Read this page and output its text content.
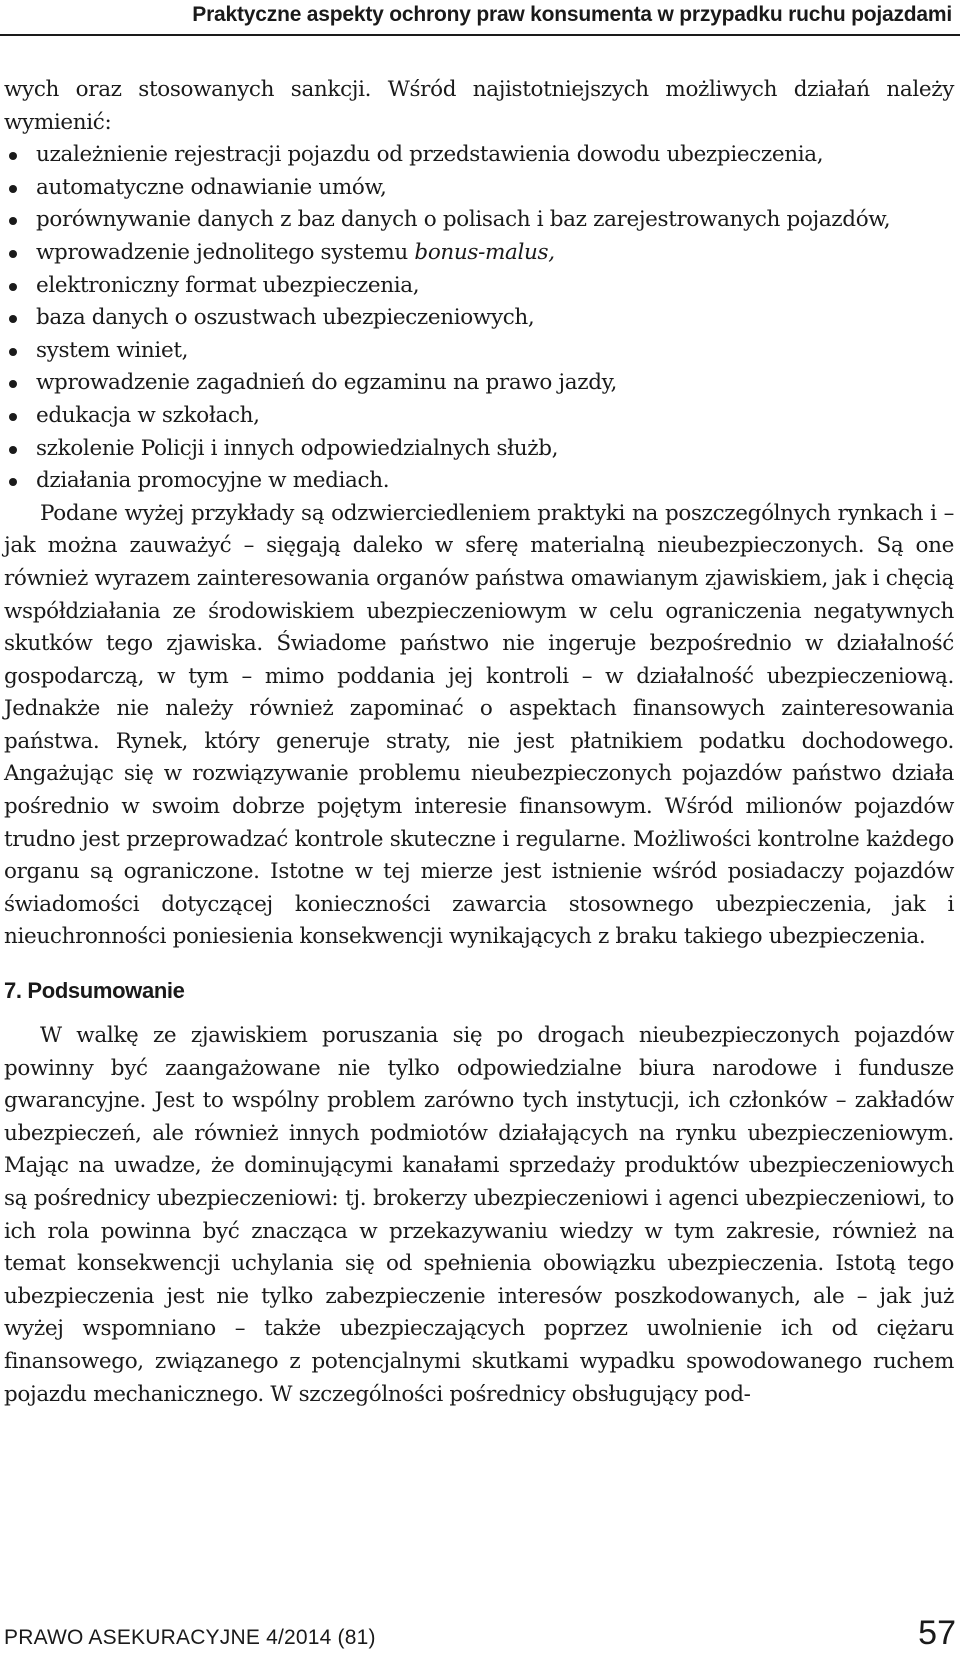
Praktyczne aspekty ochrony praw konsumenta w przypadku ruchu pojazdami

wych oraz stosowanych sankcji. Wśród najistotniejszych możliwych działań należy wymienić:

uzależnienie rejestracji pojazdu od przedstawienia dowodu ubezpieczenia,
automatyczne odnawianie umów,
porównywanie danych z baz danych o polisach i baz zarejestrowanych pojazdów,
wprowadzenie jednolitego systemu bonus-malus,
elektroniczny format ubezpieczenia,
baza danych o oszustwach ubezpieczeniowych,
system winiet,
wprowadzenie zagadnień do egzaminu na prawo jazdy,
edukacja w szkołach,
szkolenie Policji i innych odpowiedzialnych służb,
działania promocyjne w mediach.

Podane wyżej przykłady są odzwierciedleniem praktyki na poszczególnych rynkach i – jak można zauważyć – sięgają daleko w sferę materialną nieubezpieczonych. Są one również wyrazem zainteresowania organów państwa omawianym zjawiskiem, jak i chęcią współdziałania ze środowiskiem ubezpieczeniowym w celu ograniczenia negatywnych skutków tego zjawiska. Świadome państwo nie ingeruje bezpośrednio w działalność gospodarczą, w tym – mimo poddania jej kontroli – w działalność ubezpieczeniową. Jednakże nie należy również zapominać o aspektach finansowych zainteresowania państwa. Rynek, który generuje straty, nie jest płatnikiem podatku dochodowego. Angażując się w rozwiązywanie problemu nieubezpieczonych pojazdów państwo działa pośrednio w swoim dobrze pojętym interesie finansowym. Wśród milionów pojazdów trudno jest przeprowadzać kontrole skuteczne i regularne. Możliwości kontrolne każdego organu są ograniczone. Istotne w tej mierze jest istnienie wśród posiadaczy pojazdów świadomości dotyczącej konieczności zawarcia stosownego ubezpieczenia, jak i nieuchronności poniesienia konsekwencji wynikających z braku takiego ubezpieczenia.

7. Podsumowanie

W walkę ze zjawiskiem poruszania się po drogach nieubezpieczonych pojazdów powinny być zaangażowane nie tylko odpowiedzialne biura narodowe i fundusze gwarancyjne. Jest to wspólny problem zarówno tych instytucji, ich członków – zakładów ubezpieczeń, ale również innych podmiotów działających na rynku ubezpieczeniowym. Mając na uwadze, że dominującymi kanałami sprzedaży produktów ubezpieczeniowych są pośrednicy ubezpieczeniowi: tj. brokerzy ubezpieczeniowi i agenci ubezpieczeniowi, to ich rola powinna być znacząca w przekazywaniu wiedzy w tym zakresie, również na temat konsekwencji uchylania się od spełnienia obowiązku ubezpieczenia. Istotą tego ubezpieczenia jest nie tylko zabezpieczenie interesów poszkodowanych, ale – jak już wyżej wspomniano – także ubezpieczających poprzez uwolnienie ich od ciężaru finansowego, związanego z potencjalnymi skutkami wypadku spowodowanego ruchem pojazdu mechanicznego. W szczególności pośrednicy obsługujący pod-

PRAWO ASEKURACYJNE 4/2014 (81)	57
